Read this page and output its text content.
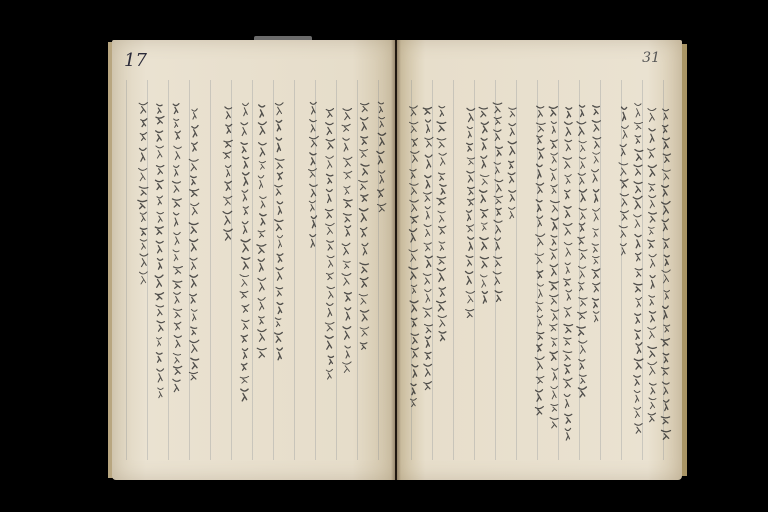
17	31
